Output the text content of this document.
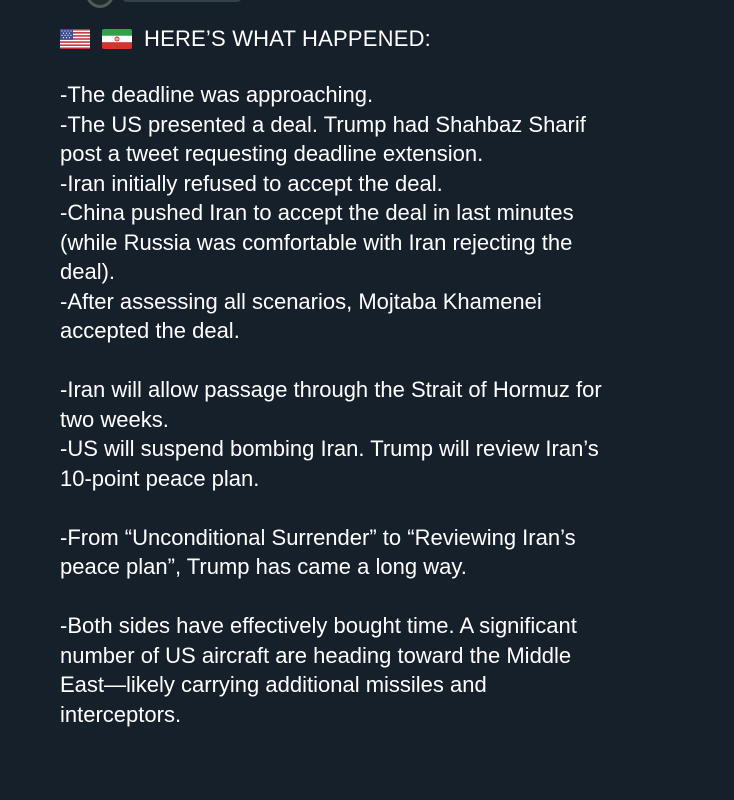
HERE’S WHAT HAPPENED:
-The deadline was approaching.
-The US presented a deal. Trump had Shahbaz Sharif
post a tweet requesting deadline extension.
-Iran initially refused to accept the deal.
-China pushed Iran to accept the deal in last minutes
(while Russia was comfortable with Iran rejecting the
deal).
-After assessing all scenarios, Mojtaba Khamenei
accepted the deal.
-Iran will allow passage through the Strait of Hormuz for
two weeks.
-US will suspend bombing Iran. Trump will review Iran’s
10-point peace plan.
-From “Unconditional Surrender” to “Reviewing Iran’s
peace plan”, Trump has came a long way.
-Both sides have effectively bought time. A significant
number of US aircraft are heading toward the Middle
East—likely carrying additional missiles and
interceptors.
